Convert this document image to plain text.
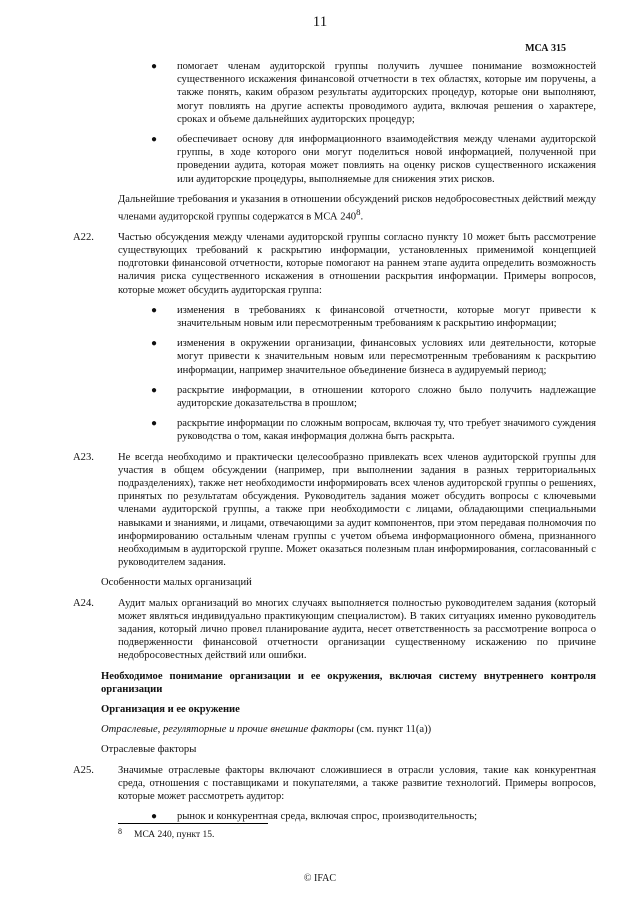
11
МСА 315

● помогает членам аудиторской группы получить лучшее понимание возможностей существенного искажения финансовой отчетности в тех областях, которые им поручены, а также понять, каким образом результаты аудиторских процедур, которые они выполняют, могут повлиять на другие аспекты проводимого аудита, включая решения о характере, сроках и объеме дальнейших аудиторских процедур;

● обеспечивает основу для информационного взаимодействия между членами аудиторской группы, в ходе которого они могут поделиться новой информацией, полученной при проведении аудита, которая может повлиять на оценку рисков существенного искажения или аудиторские процедуры, выполняемые для снижения этих рисков.

Дальнейшие требования и указания в отношении обсуждений рисков недобросовестных действий между членами аудиторской группы содержатся в МСА $240^8$.

А22. Частью обсуждения между членами аудиторской группы согласно пункту 10 может быть рассмотрение существующих требований к раскрытию информации, установленных применимой концепцией подготовки финансовой отчетности, которые помогают на раннем этапе аудита определить возможность наличия риска существенного искажения в отношении раскрытия информации. Примеры вопросов, которые может обсудить аудиторская группа:

● изменения в требованиях к финансовой отчетности, которые могут привести к значительным новым или пересмотренным требованиям к раскрытию информации;

● изменения в окружении организации, финансовых условиях или деятельности, которые могут привести к значительным новым или пересмотренным требованиям к раскрытию информации, например значительное объединение бизнеса в аудируемый период;

● раскрытие информации, в отношении которого сложно было получить надлежащие аудиторские доказательства в прошлом;

● раскрытие информации по сложным вопросам, включая ту, что требует значимого суждения руководства о том, какая информация должна быть раскрыта.

А23. Не всегда необходимо и практически целесообразно привлекать всех членов аудиторской группы для участия в общем обсуждении (например, при выполнении задания в разных территориальных подразделениях), также нет необходимости информировать всех членов аудиторской группы о решениях, принятых по результатам обсуждения. Руководитель задания может обсудить вопросы с ключевыми членами аудиторской группы, а также при необходимости с лицами, обладающими специальными навыками и знаниями, и лицами, отвечающими за аудит компонентов, при этом передавая полномочия по информированию остальным членам группы с учетом объема информационного обмена, признанного необходимым в аудиторской группе. Может оказаться полезным план информирования, согласованный с руководителем задания.

Особенности малых организаций

А24. Аудит малых организаций во многих случаях выполняется полностью руководителем задания (который может являться индивидуально практикующим специалистом). В таких ситуациях именно руководитель задания, который лично провел планирование аудита, несет ответственность за рассмотрение вопроса о подверженности финансовой отчетности организации существенному искажению по причине недобросовестных действий или ошибки.

Необходимое понимание организации и ее окружения, включая систему внутреннего контроля организации

Организация и ее окружение

Отраслевые, регуляторные и прочие внешние факторы (см. пункт 11(а))

Отраслевые факторы

А25. Значимые отраслевые факторы включают сложившиеся в отрасли условия, такие как конкурентная среда, отношения с поставщиками и покупателями, а также развитие технологий. Примеры вопросов, которые может рассмотреть аудитор:

● рынок и конкурентная среда, включая спрос, производительность;

8 МСА 240, пункт 15.
© IFAC
